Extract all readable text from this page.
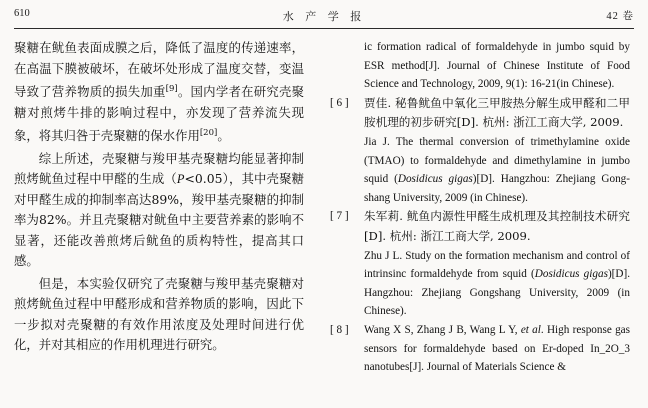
610	水 产 学 报	42 卷

聚糖在鱿鱼表面成膜之后，降低了温度的传递速率，在高温下膜被破坏，在破坏处形成了温度交替，变温导致了营养物质的损失加重[9]。国内学者在研究壳聚糖对煎烤牛排的影响过程中，亦发现了营养流失现象，将其归咎于壳聚糖的保水作用[20]。

综上所述，壳聚糖与羧甲基壳聚糖均能显著抑制煎烤鱿鱼过程中甲醛的生成（P<0.05），其中壳聚糖对甲醛生成的抑制率高达89%，羧甲基壳聚糖的抑制率为82%。并且壳聚糖对鱿鱼中主要营养素的影响不显著，还能改善煎烤后鱿鱼的质构特性，提高其口感。

但是，本实验仅研究了壳聚糖与羧甲基壳聚糖对煎烤鱿鱼过程中甲醛形成和营养物质的影响，因此下一步拟对壳聚糖的有效作用浓度及处理时间进行优化，并对其相应的作用机理进行研究。

ic formation radical of formaldehyde in jumbo squid by ESR method[J]. Journal of Chinese Institute of Food Science and Technology, 2009, 9(1): 16-21(in Chinese).

[ 6 ]	贾佳. 秘鲁鱿鱼中氧化三甲胺热分解生成甲醛和二甲胺机理的初步研究[D]. 杭州: 浙江工商大学, 2009.
Jia J. The thermal conversion of trimethylamine oxide (TMAO) to formaldehyde and dimethylamine in jumbo squid (Dosidicus gigas)[D]. Hangzhou: Zhejiang Gong-shang University, 2009 (in Chinese).
[ 7 ]	朱军莉. 鱿鱼内源性甲醛生成机理及其控制技术研究[D]. 杭州: 浙江工商大学, 2009.
Zhu J L. Study on the formation mechanism and control of intrinsinc formaldehyde from squid (Dosidicus gigas)[D]. Hangzhou: Zhejiang Gongshang University, 2009 (in Chinese).
[ 8 ]	Wang X S, Zhang J B, Wang L Y, et al. High response gas sensors for formaldehyde based on Er-doped In_2O_3 nanotubes[J]. Journal of Materials Science &
